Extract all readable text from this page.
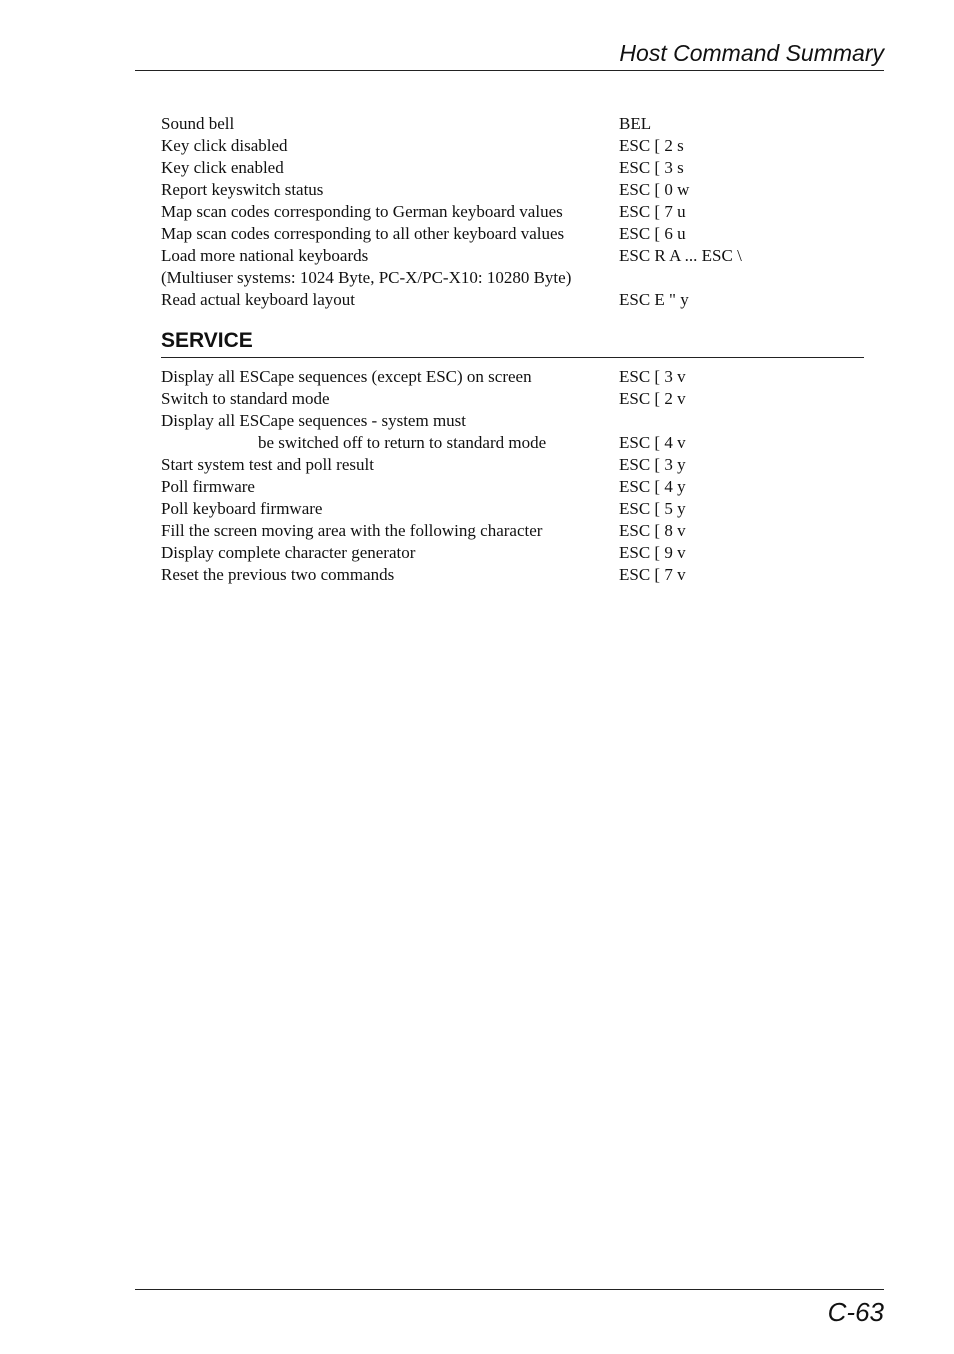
Host Command Summary
Sound bell	BEL
Key click disabled	ESC [ 2 s
Key click enabled	ESC [ 3 s
Report keyswitch status	ESC [ 0 w
Map scan codes corresponding to German keyboard values	ESC [ 7 u
Map scan codes corresponding to all other keyboard values	ESC [ 6 u
Load more national keyboards	ESC R A ... ESC \
(Multiuser systems: 1024 Byte, PC-X/PC-X10: 10280 Byte)
Read actual keyboard layout	ESC E " y
SERVICE
Display all ESCape sequences (except ESC) on screen	ESC [ 3 v
Switch to standard mode	ESC [ 2 v
Display all ESCape sequences - system must
be switched off to return to standard mode	ESC [ 4 v
Start system test and poll result	ESC [ 3 y
Poll firmware	ESC [ 4 y
Poll keyboard firmware	ESC [ 5 y
Fill the screen moving area with the following character	ESC [ 8 v
Display complete character generator	ESC [ 9 v
Reset the previous two commands	ESC [ 7 v
C-63
